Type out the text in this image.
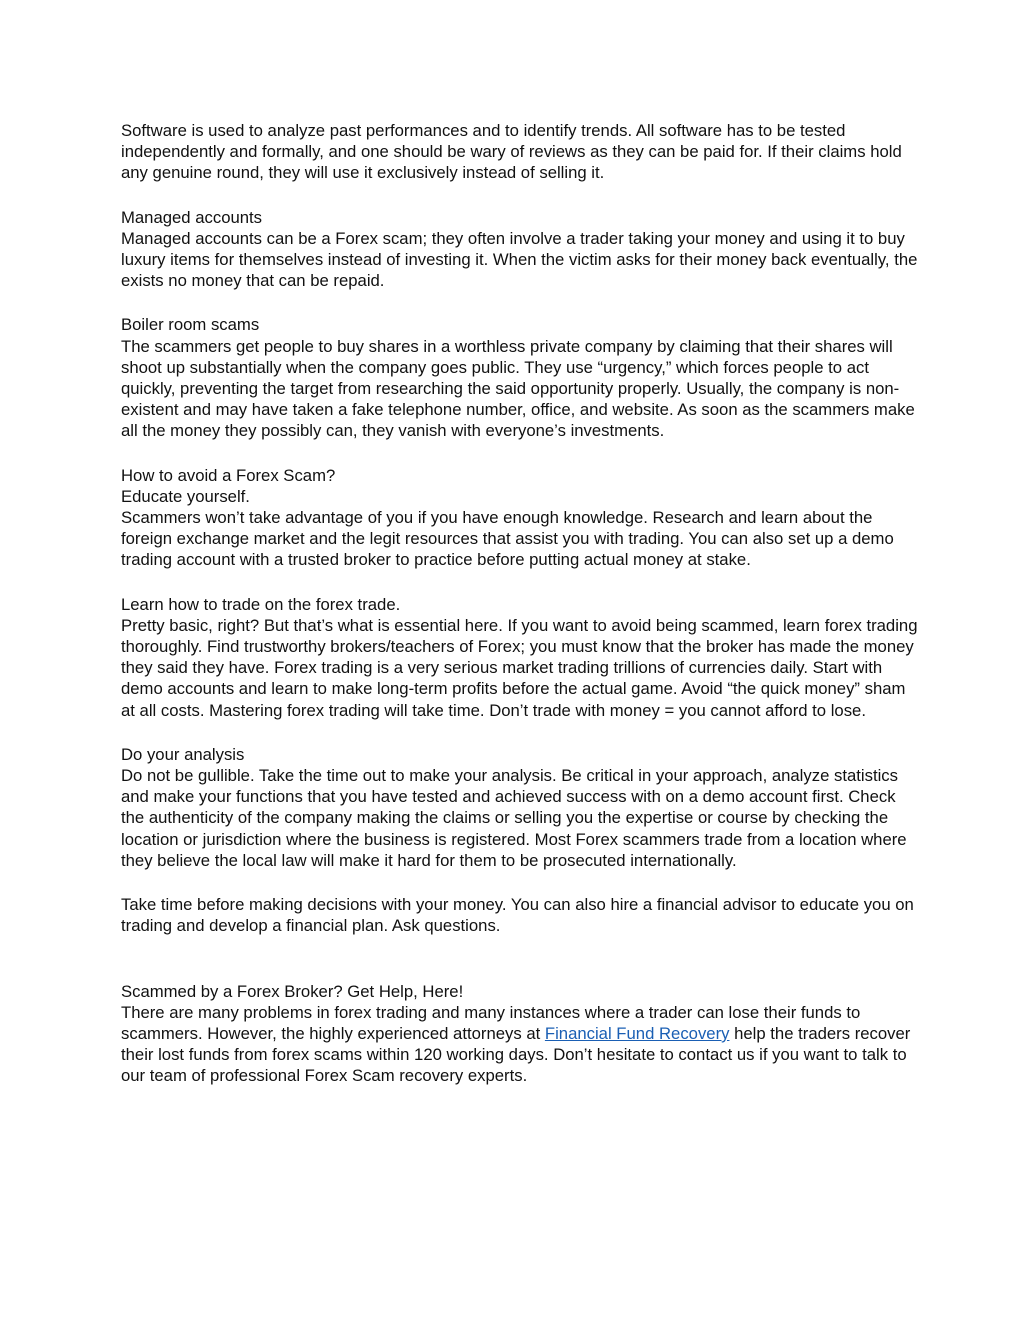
Software is used to analyze past performances and to identify trends. All software has to be tested independently and formally, and one should be wary of reviews as they can be paid for. If their claims hold any genuine round, they will use it exclusively instead of selling it.

Managed accounts

Managed accounts can be a Forex scam; they often involve a trader taking your money and using it to buy luxury items for themselves instead of investing it. When the victim asks for their money back eventually, the exists no money that can be repaid.

Boiler room scams

The scammers get people to buy shares in a worthless private company by claiming that their shares will shoot up substantially when the company goes public. They use “urgency,” which forces people to act quickly, preventing the target from researching the said opportunity properly. Usually, the company is non-existent and may have taken a fake telephone number, office, and website. As soon as the scammers make all the money they possibly can, they vanish with everyone’s investments.

How to avoid a Forex Scam?

Educate yourself.

Scammers won’t take advantage of you if you have enough knowledge. Research and learn about the foreign exchange market and the legit resources that assist you with trading. You can also set up a demo trading account with a trusted broker to practice before putting actual money at stake.

Learn how to trade on the forex trade.

Pretty basic, right? But that’s what is essential here. If you want to avoid being scammed, learn forex trading thoroughly. Find trustworthy brokers/teachers of Forex; you must know that the broker has made the money they said they have. Forex trading is a very serious market trading trillions of currencies daily. Start with demo accounts and learn to make long-term profits before the actual game. Avoid “the quick money” sham at all costs. Mastering forex trading will take time. Don’t trade with money = you cannot afford to lose.

Do your analysis

Do not be gullible. Take the time out to make your analysis. Be critical in your approach, analyze statistics and make your functions that you have tested and achieved success with on a demo account first. Check the authenticity of the company making the claims or selling you the expertise or course by checking the location or jurisdiction where the business is registered. Most Forex scammers trade from a location where they believe the local law will make it hard for them to be prosecuted internationally.

Take time before making decisions with your money. You can also hire a financial advisor to educate you on trading and develop a financial plan. Ask questions.

Scammed by a Forex Broker? Get Help, Here!

There are many problems in forex trading and many instances where a trader can lose their funds to scammers. However, the highly experienced attorneys at Financial Fund Recovery help the traders recover their lost funds from forex scams within 120 working days. Don’t hesitate to contact us if you want to talk to our team of professional Forex Scam recovery experts.
